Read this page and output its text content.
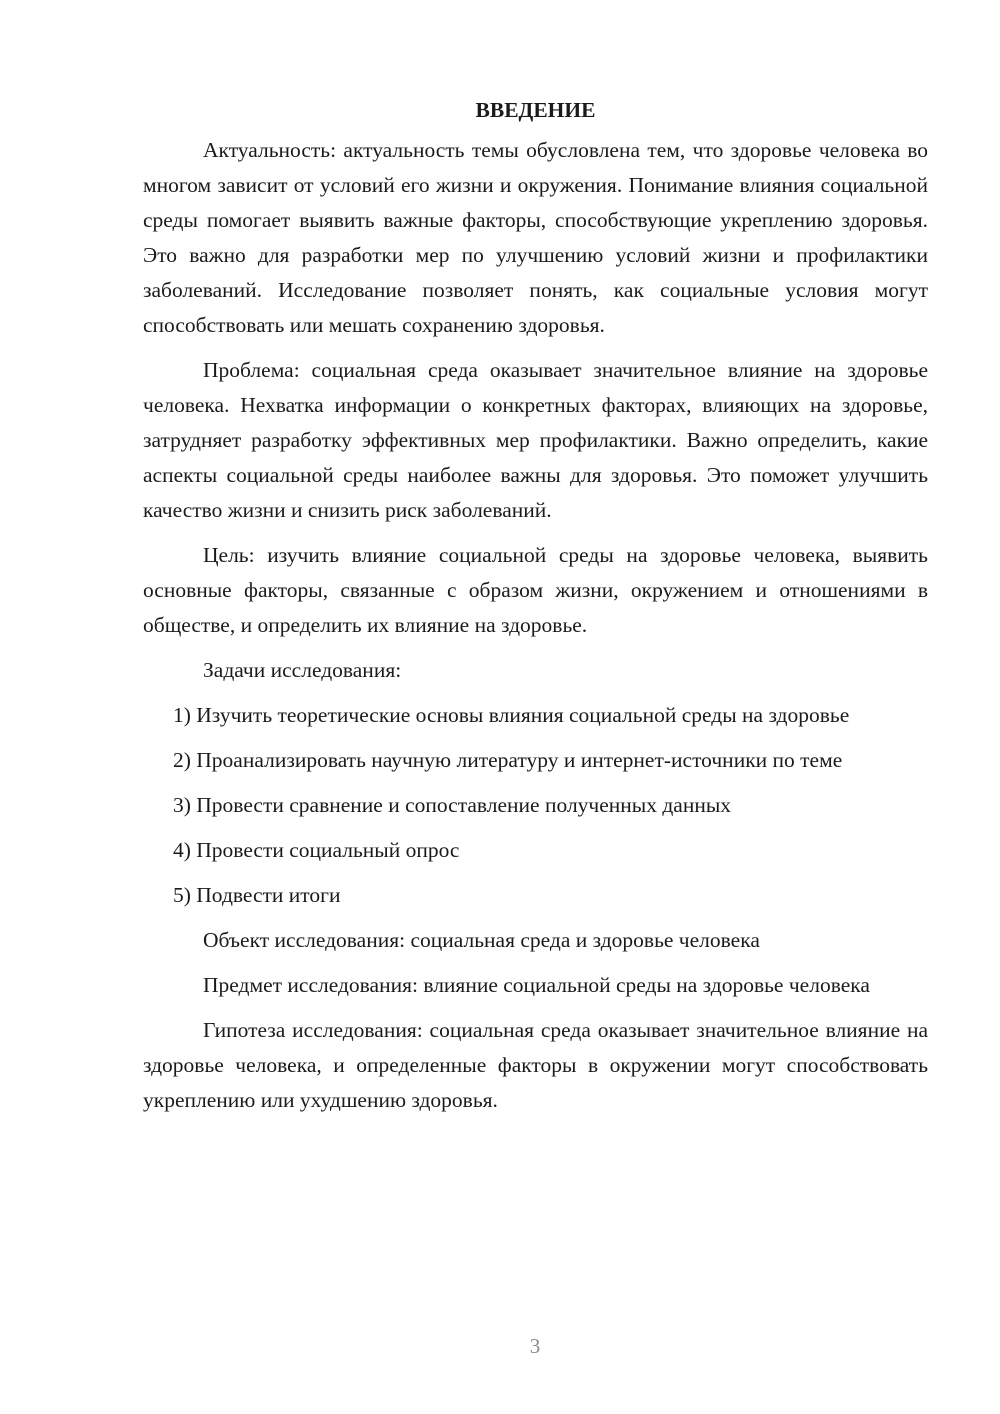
ВВЕДЕНИЕ

Актуальность: актуальность темы обусловлена тем, что здоровье человека во многом зависит от условий его жизни и окружения. Понимание влияния социальной среды помогает выявить важные факторы, способствующие укреплению здоровья. Это важно для разработки мер по улучшению условий жизни и профилактики заболеваний. Исследование позволяет понять, как социальные условия могут способствовать или мешать сохранению здоровья.

Проблема: социальная среда оказывает значительное влияние на здоровье человека. Нехватка информации о конкретных факторах, влияющих на здоровье, затрудняет разработку эффективных мер профилактики. Важно определить, какие аспекты социальной среды наиболее важны для здоровья. Это поможет улучшить качество жизни и снизить риск заболеваний.

Цель: изучить влияние социальной среды на здоровье человека, выявить основные факторы, связанные с образом жизни, окружением и отношениями в обществе, и определить их влияние на здоровье.

Задачи исследования:

1) Изучить теоретические основы влияния социальной среды на здоровье

2) Проанализировать научную литературу и интернет-источники по теме

3) Провести сравнение и сопоставление полученных данных

4) Провести социальный опрос

5) Подвести итоги

Объект исследования: социальная среда и здоровье человека

Предмет исследования: влияние социальной среды на здоровье человека

Гипотеза исследования: социальная среда оказывает значительное влияние на здоровье человека, и определенные факторы в окружении могут способствовать укреплению или ухудшению здоровья.

3
